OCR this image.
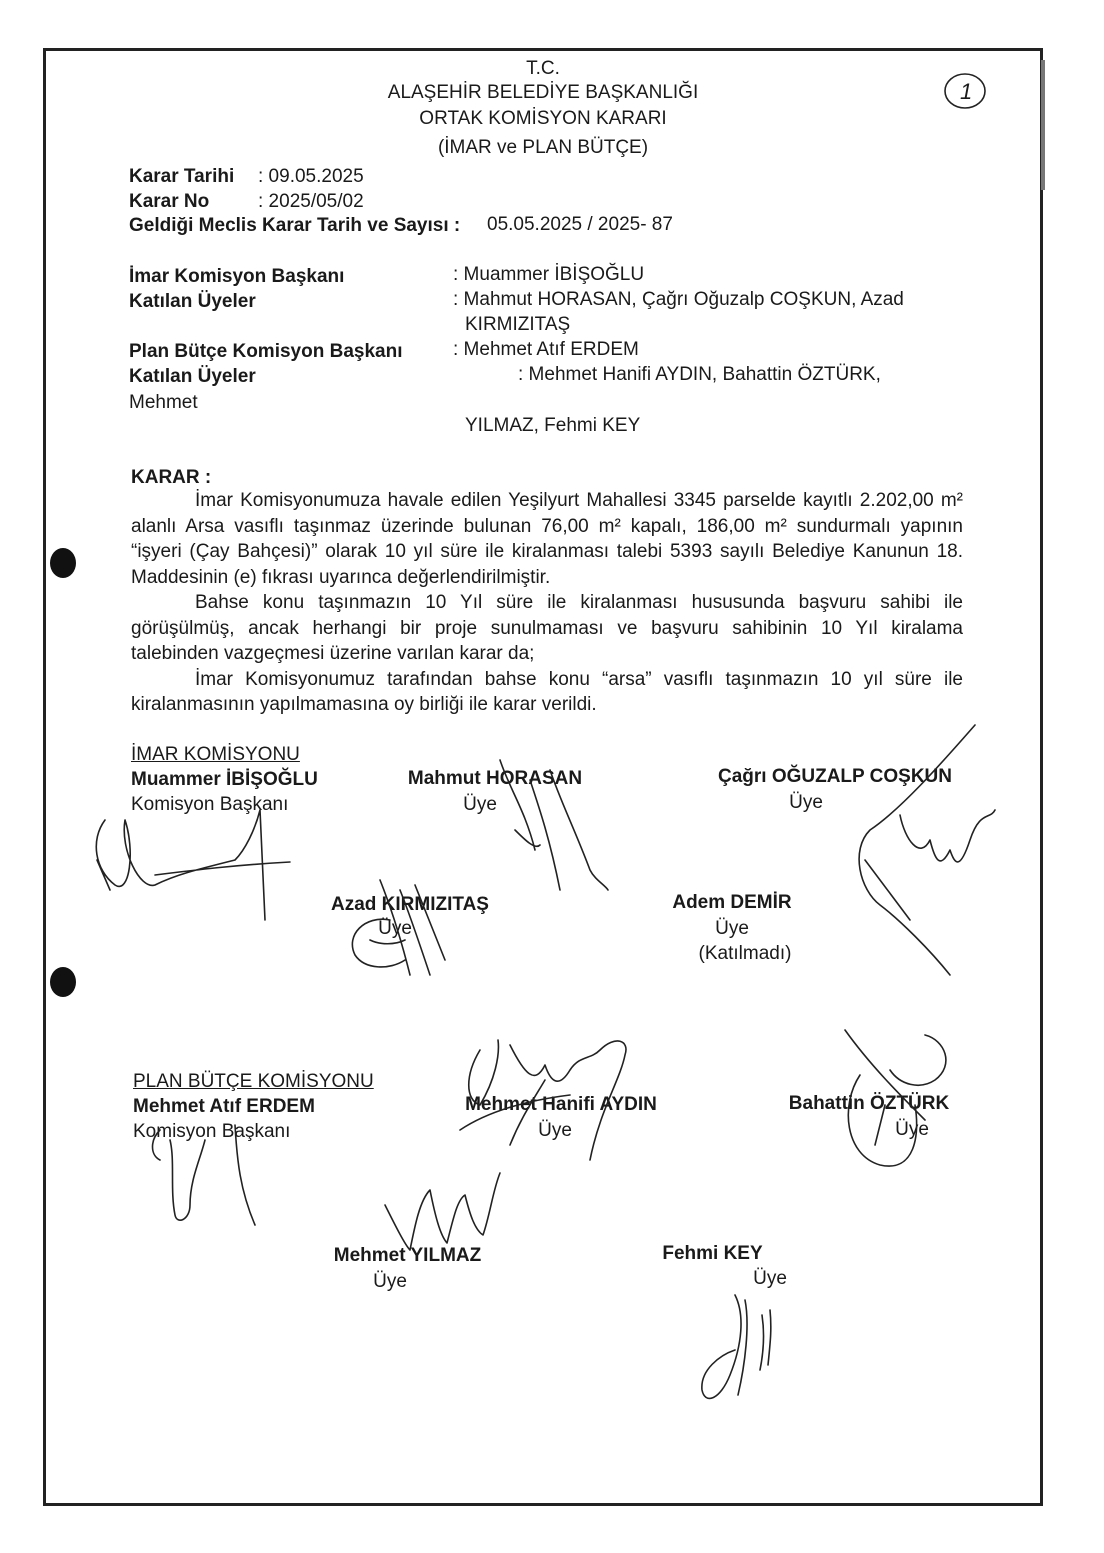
T.C.
ALAŞEHİR BELEDİYE BAŞKANLIĞI
ORTAK KOMİSYON KARARI
(İMAR ve PLAN BÜTÇE)
1
Karar Tarihi : 09.05.2025
Karar No	: 2025/05/02
Geldiği Meclis Karar Tarih ve Sayısı : 05.05.2025 / 2025- 87
İmar Komisyon Başkanı	: Muammer İBİŞOĞLU
Katılan Üyeler	: Mahmut HORASAN, Çağrı Oğuzalp COŞKUN, Azad
KIRMIZITAŞ
Plan Bütçe Komisyon Başkanı	: Mehmet Atıf ERDEM
Katılan Üyeler	: Mehmet Hanifi AYDIN, Bahattin ÖZTÜRK,
Mehmet
YILMAZ, Fehmi KEY
KARAR :

İmar Komisyonumuza havale edilen Yeşilyurt Mahallesi 3345 parselde kayıtlı 2.202,00 m² alanlı Arsa vasıflı taşınmaz üzerinde bulunan 76,00 m² kapalı, 186,00 m² sundurmalı yapının “işyeri (Çay Bahçesi)” olarak 10 yıl süre ile kiralanması talebi 5393 sayılı Belediye Kanunun 18. Maddesinin (e) fıkrası uyarınca değerlendirilmiştir.

Bahse konu taşınmazın 10 Yıl süre ile kiralanması hususunda başvuru sahibi ile görüşülmüş, ancak herhangi bir proje sunulmaması ve başvuru sahibinin 10 Yıl kiralama talebinden vazgeçmesi üzerine varılan karar da;

İmar Komisyonumuz tarafından bahse konu “arsa” vasıflı taşınmazın 10 yıl süre ile kiralanmasının yapılmamasına oy birliği ile karar verildi.

İMAR KOMİSYONU
Muammer İBİŞOĞLU
Komisyon Başkanı
Mahmut HORASAN
Üye
Çağrı OĞUZALP COŞKUN
Üye
Azad KIRMIZITAŞ
Üye
Adem DEMİR
Üye
(Katılmadı)
PLAN BÜTÇE KOMİSYONU
Mehmet Atıf ERDEM
Komisyon Başkanı
Mehmet Hanifi AYDIN
Üye
Bahattin ÖZTÜRK
Üye
Mehmet YILMAZ
Üye
Fehmi KEY
Üye
